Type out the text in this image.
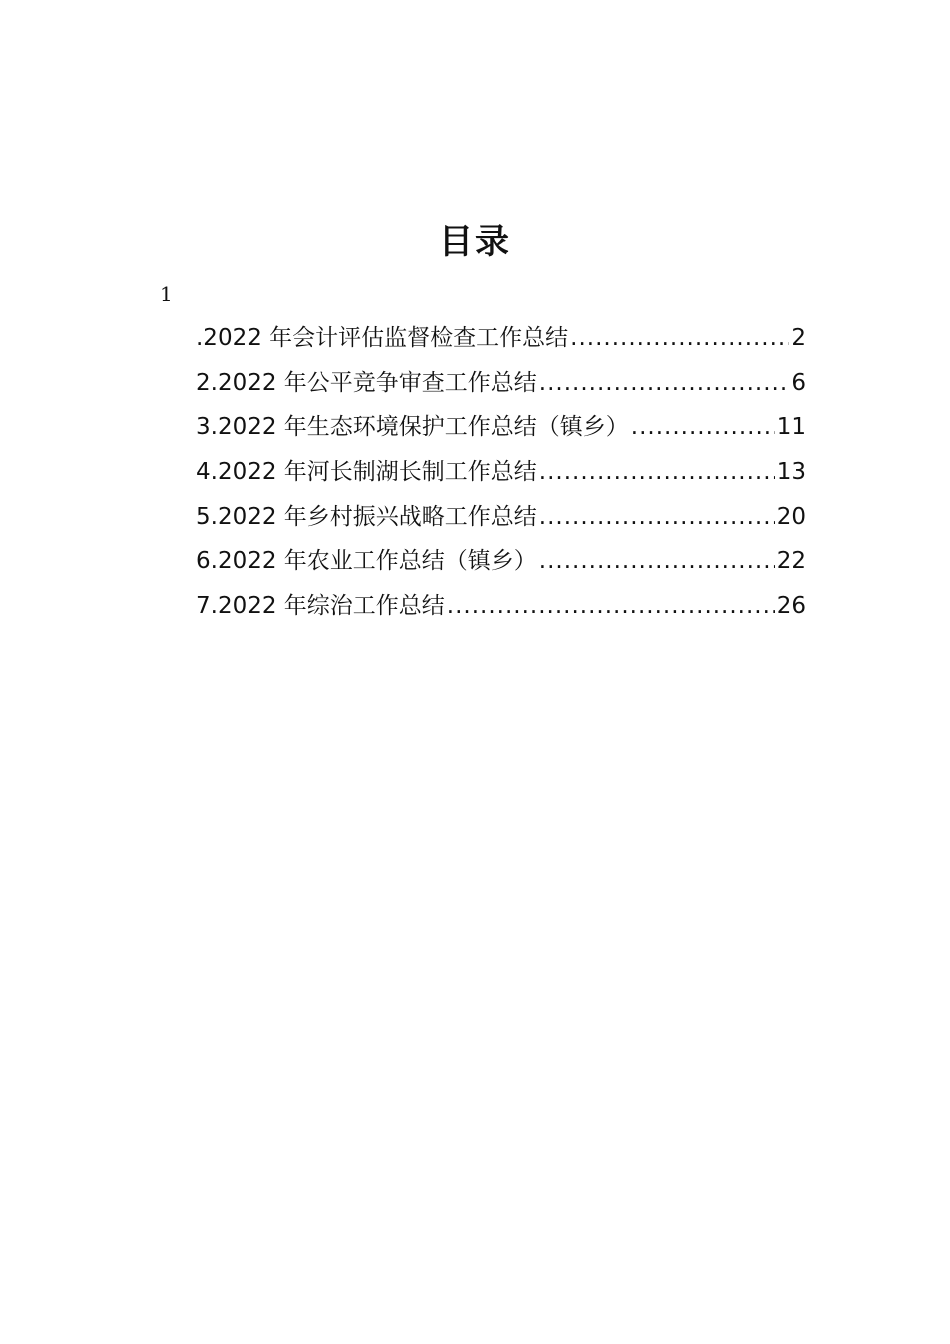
目录
1
.2022 年会计评估监督检查工作总结 .....	2
2.2022 年公平竞争审查工作总结 .....	6
3.2022 年生态环境保护工作总结（镇乡） .....	11
4.2022 年河长制湖长制工作总结 .....	13
5.2022 年乡村振兴战略工作总结 .....	20
6.2022 年农业工作总结（镇乡） .....	22
7.2022 年综治工作总结 .....	26
